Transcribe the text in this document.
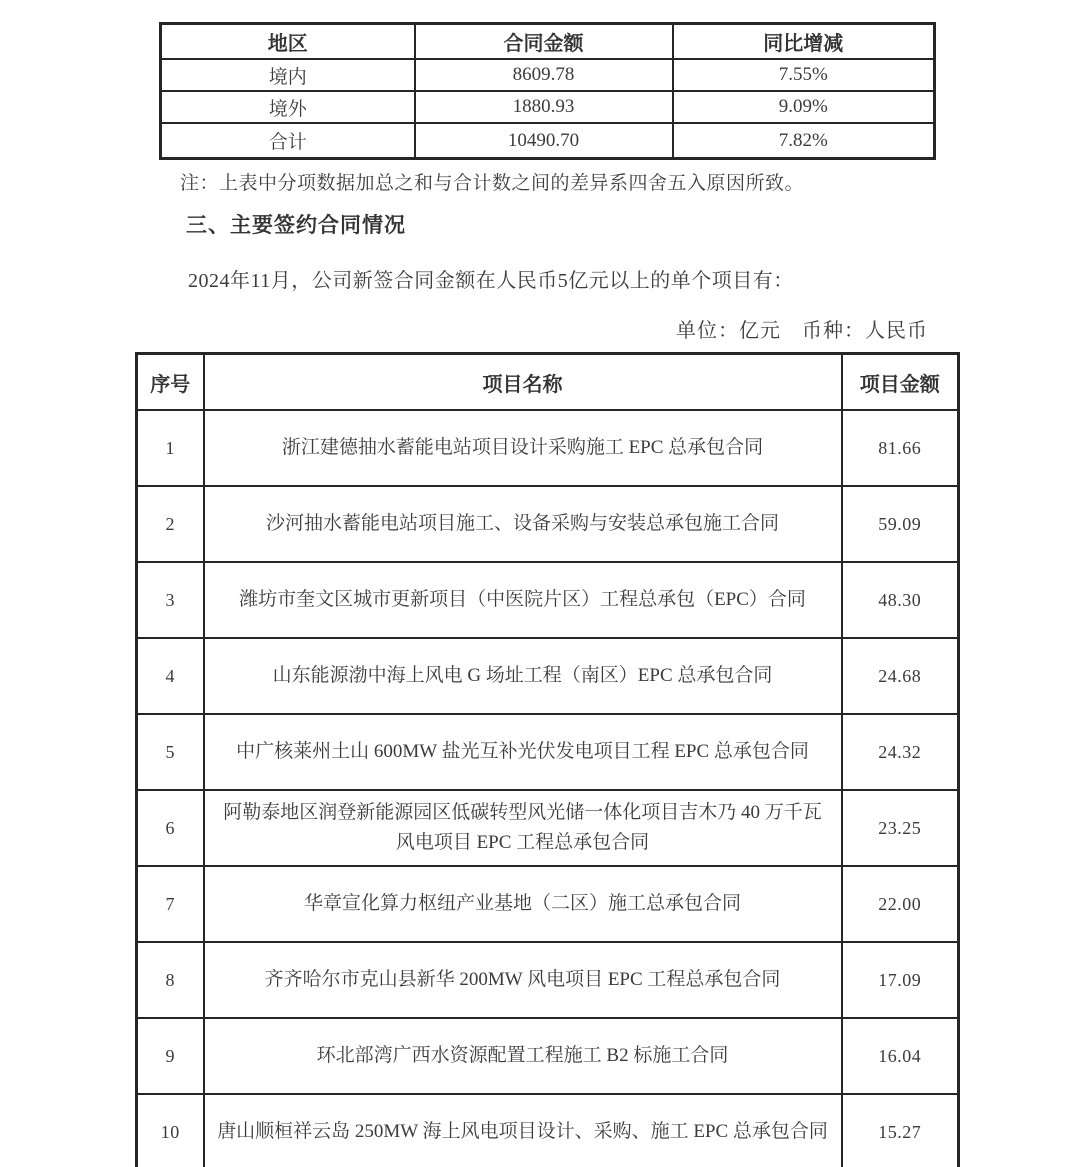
地区	合同金额	同比增减
境内	8609.78	7.55%
境外	1880.93	9.09%
合计	10490.70	7.82%
注：上表中分项数据加总之和与合计数之间的差异系四舍五入原因所致。
三、主要签约合同情况
2024年11月，公司新签合同金额在人民币5亿元以上的单个项目有：
单位：亿元　币种：人民币
序号	项目名称	项目金额
1	浙江建德抽水蓄能电站项目设计采购施工 EPC 总承包合同	81.66
2	沙河抽水蓄能电站项目施工、设备采购与安装总承包施工合同	59.09
3	潍坊市奎文区城市更新项目（中医院片区）工程总承包（EPC）合同	48.30
4	山东能源渤中海上风电 G 场址工程（南区）EPC 总承包合同	24.68
5	中广核莱州土山 600MW 盐光互补光伏发电项目工程 EPC 总承包合同	24.32
6	阿勒泰地区润登新能源园区低碳转型风光储一体化项目吉木乃 40 万千瓦风电项目 EPC 工程总承包合同	23.25
7	华章宣化算力枢纽产业基地（二区）施工总承包合同	22.00
8	齐齐哈尔市克山县新华 200MW 风电项目 EPC 工程总承包合同	17.09
9	环北部湾广西水资源配置工程施工 B2 标施工合同	16.04
10	唐山顺桓祥云岛 250MW 海上风电项目设计、采购、施工 EPC 总承包合同	15.27
